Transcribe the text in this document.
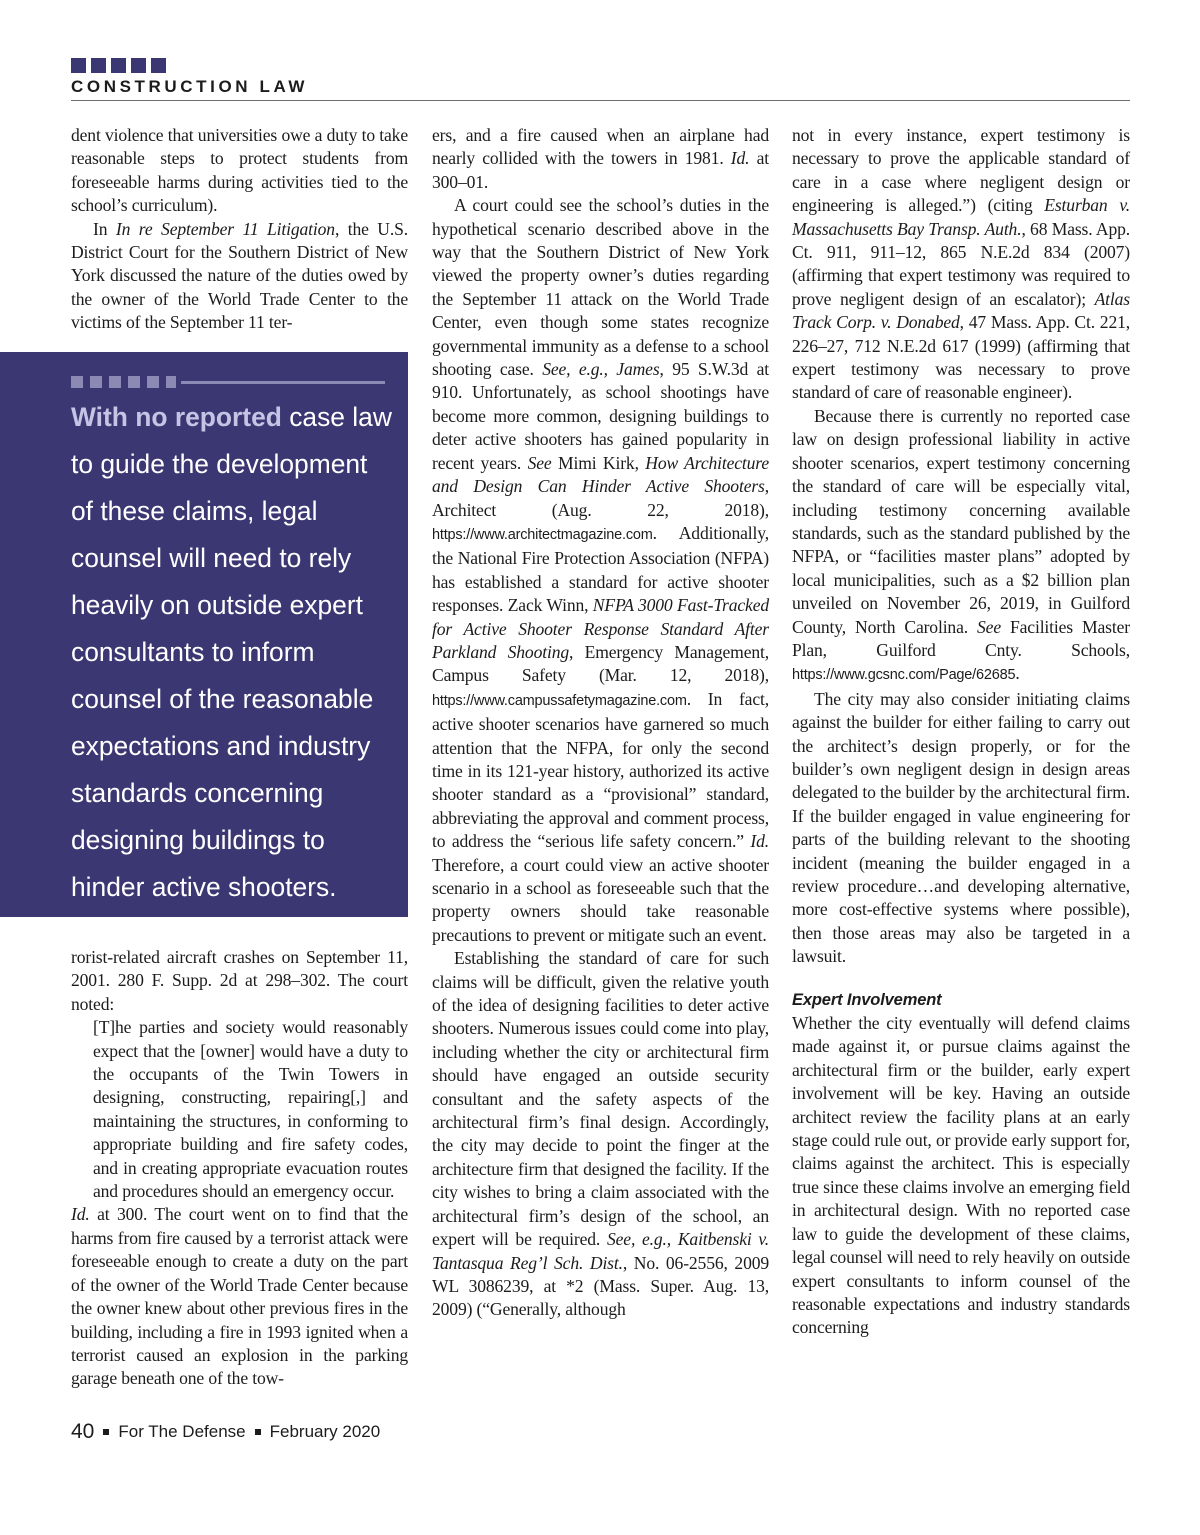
CONSTRUCTION LAW

dent violence that universities owe a duty to take reasonable steps to protect students from foreseeable harms during activities tied to the school’s curriculum).

In In re September 11 Litigation, the U.S. District Court for the Southern District of New York discussed the nature of the duties owed by the owner of the World Trade Center to the victims of the September 11 ter-

With no reported case law to guide the development of these claims, legal counsel will need to rely heavily on outside expert consultants to inform counsel of the reasonable expectations and industry standards concerning designing buildings to hinder active shooters.

rorist-related aircraft crashes on September 11, 2001. 280 F. Supp. 2d at 298–302. The court noted:

[T]he parties and society would reasonably expect that the [owner] would have a duty to the occupants of the Twin Towers in designing, constructing, repairing[,] and maintaining the structures, in conforming to appropriate building and fire safety codes, and in creating appropriate evacuation routes and procedures should an emergency occur.

Id. at 300. The court went on to find that the harms from fire caused by a terrorist attack were foreseeable enough to create a duty on the part of the owner of the World Trade Center because the owner knew about other previous fires in the building, including a fire in 1993 ignited when a terrorist caused an explosion in the parking garage beneath one of the tow-

ers, and a fire caused when an airplane had nearly collided with the towers in 1981. Id. at 300–01.

A court could see the school’s duties in the hypothetical scenario described above in the way that the Southern District of New York viewed the property owner’s duties regarding the September 11 attack on the World Trade Center, even though some states recognize governmental immunity as a defense to a school shooting case. See, e.g., James, 95 S.W.3d at 910. Unfortunately, as school shootings have become more common, designing buildings to deter active shooters has gained popularity in recent years. See Mimi Kirk, How Architecture and Design Can Hinder Active Shooters, Architect (Aug. 22, 2018), https://www.architectmagazine.com. Additionally, the National Fire Protection Association (NFPA) has established a standard for active shooter responses. Zack Winn, NFPA 3000 Fast-Tracked for Active Shooter Response Standard After Parkland Shooting, Emergency Management, Campus Safety (Mar. 12, 2018), https://www.campussafetymagazine.com. In fact, active shooter scenarios have garnered so much attention that the NFPA, for only the second time in its 121-year history, authorized its active shooter standard as a “provisional” standard, abbreviating the approval and comment process, to address the “serious life safety concern.” Id. Therefore, a court could view an active shooter scenario in a school as foreseeable such that the property owners should take reasonable precautions to prevent or mitigate such an event.

Establishing the standard of care for such claims will be difficult, given the relative youth of the idea of designing facilities to deter active shooters. Numerous issues could come into play, including whether the city or architectural firm should have engaged an outside security consultant and the safety aspects of the architectural firm’s final design. Accordingly, the city may decide to point the finger at the architecture firm that designed the facility. If the city wishes to bring a claim associated with the architectural firm’s design of the school, an expert will be required. See, e.g., Kaitbenski v. Tantasqua Reg’l Sch. Dist., No. 06-2556, 2009 WL 3086239, at *2 (Mass. Super. Aug. 13, 2009) (“Generally, although

not in every instance, expert testimony is necessary to prove the applicable standard of care in a case where negligent design or engineering is alleged.”) (citing Esturban v. Massachusetts Bay Transp. Auth., 68 Mass. App. Ct. 911, 911–12, 865 N.E.2d 834 (2007) (affirming that expert testimony was required to prove negligent design of an escalator); Atlas Track Corp. v. Donabed, 47 Mass. App. Ct. 221, 226–27, 712 N.E.2d 617 (1999) (affirming that expert testimony was necessary to prove standard of care of reasonable engineer).

Because there is currently no reported case law on design professional liability in active shooter scenarios, expert testimony concerning the standard of care will be especially vital, including testimony concerning available standards, such as the standard published by the NFPA, or “facilities master plans” adopted by local municipalities, such as a $2 billion plan unveiled on November 26, 2019, in Guilford County, North Carolina. See Facilities Master Plan, Guilford Cnty. Schools, https://www.gcsnc.com/Page/62685.

The city may also consider initiating claims against the builder for either failing to carry out the architect’s design properly, or for the builder’s own negligent design in design areas delegated to the builder by the architectural firm. If the builder engaged in value engineering for parts of the building relevant to the shooting incident (meaning the builder engaged in a review procedure…and developing alternative, more cost-effective systems where possible), then those areas may also be targeted in a lawsuit.

Expert Involvement

Whether the city eventually will defend claims made against it, or pursue claims against the architectural firm or the builder, early expert involvement will be key. Having an outside architect review the facility plans at an early stage could rule out, or provide early support for, claims against the architect. This is especially true since these claims involve an emerging field in architectural design. With no reported case law to guide the development of these claims, legal counsel will need to rely heavily on outside expert consultants to inform counsel of the reasonable expectations and industry standards concerning

40 For The Defense February 2020
